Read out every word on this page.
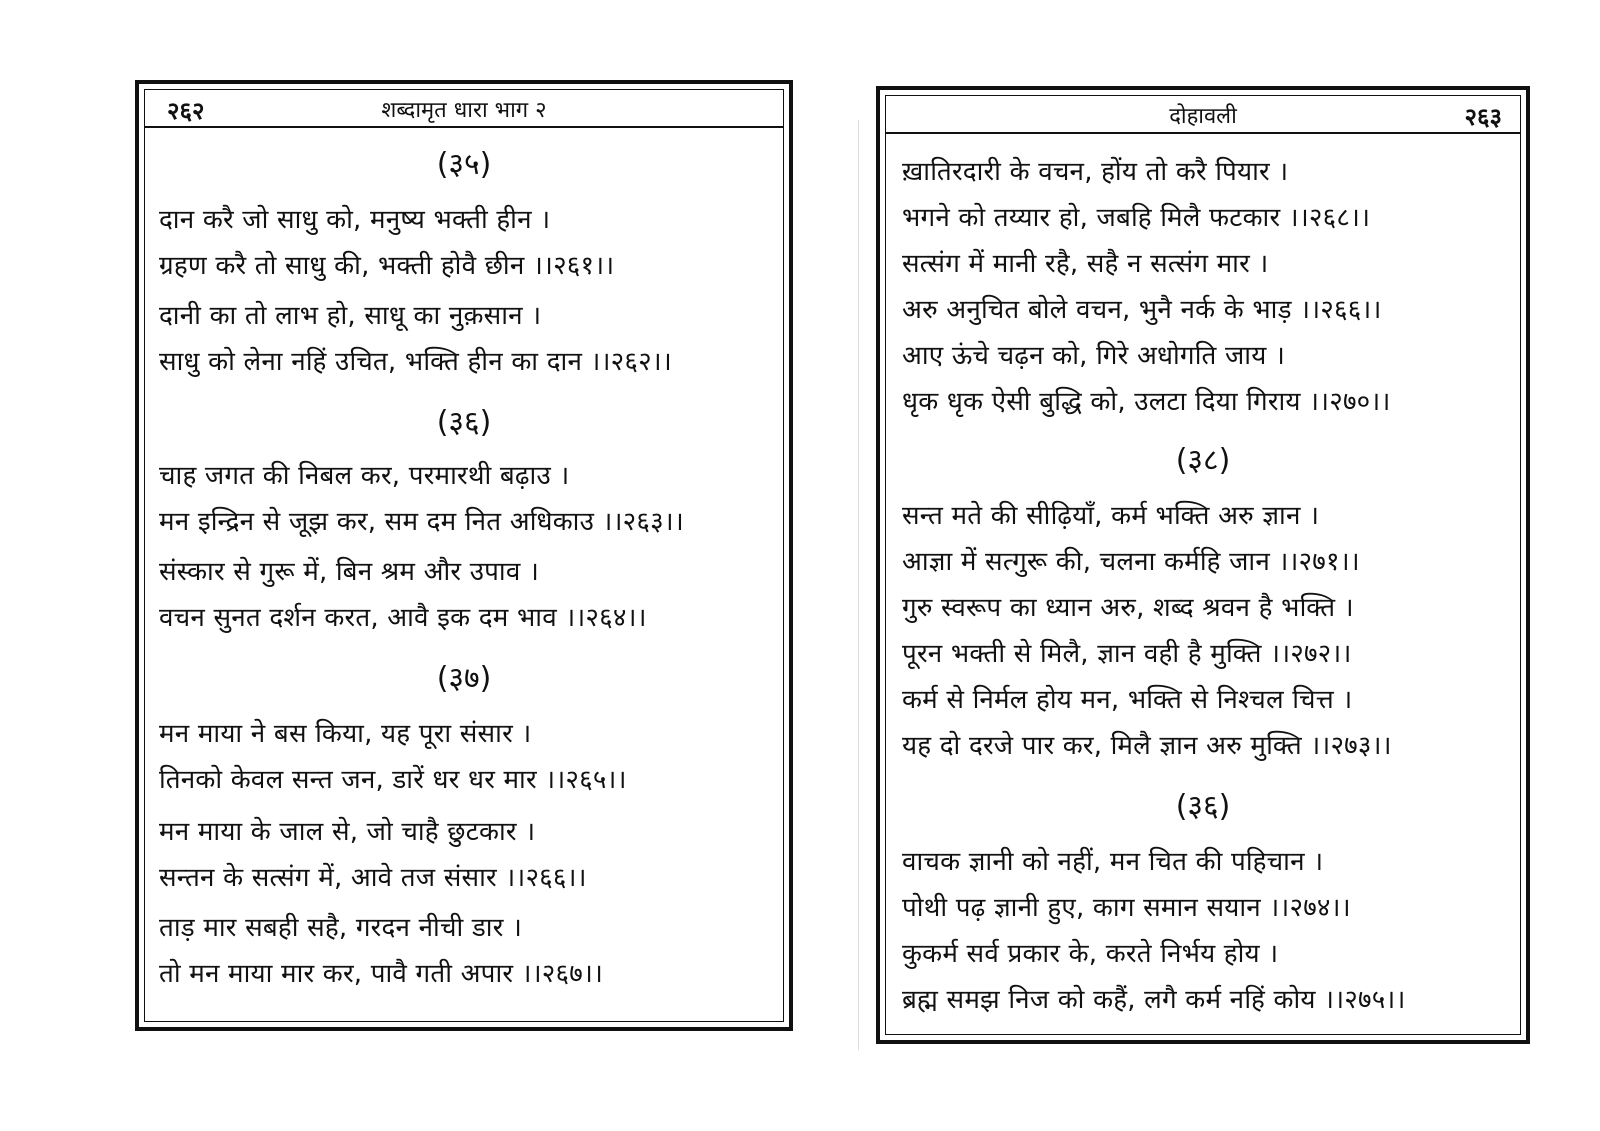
२६२	शब्दामृत धारा भाग २
(३५)
दान करै जो साधु को, मनुष्य भक्ती हीन ।
ग्रहण करै तो साधु की, भक्ती होवै छीन ।।२६१।।
दानी का तो लाभ हो, साधू का नुक़सान ।
साधु को लेना नहिं उचित, भक्ति हीन का दान ।।२६२।।
(३६)
चाह जगत की निबल कर, परमारथी बढ़ाउ ।
मन इन्द्रिन से जूझ कर, सम दम नित अधिकाउ ।।२६३।।
संस्कार से गुरू में, बिन श्रम और उपाव ।
वचन सुनत दर्शन करत, आवै इक दम भाव ।।२६४।।
(३७)
मन माया ने बस किया, यह पूरा संसार ।
तिनको केवल सन्त जन, डारें धर धर मार ।।२६५।।
मन माया के जाल से, जो चाहै छुटकार ।
सन्तन के सत्संग में, आवे तज संसार ।।२६६।।
ताड़ मार सबही सहै, गरदन नीची डार ।
तो मन माया मार कर, पावै गती अपार ।।२६७।।
दोहावली	२६३
ख़ातिरदारी के वचन, होंय तो करै पियार ।
भगने को तय्यार हो, जबहि मिलै फटकार ।।२६८।।
सत्संग में मानी रहै, सहै न सत्संग मार ।
अरु अनुचित बोले वचन, भुनै नर्क के भाड़ ।।२६६।।
आए ऊंचे चढ़न को, गिरे अधोगति जाय ।
धृक धृक ऐसी बुद्धि को, उलटा दिया गिराय ।।२७०।।
(३८)
सन्त मते की सीढ़ियाँ, कर्म भक्ति अरु ज्ञान ।
आज्ञा में सत्गुरू की, चलना कर्महि जान ।।२७१।।
गुरु स्वरूप का ध्यान अरु, शब्द श्रवन है भक्ति ।
पूरन भक्ती से मिलै, ज्ञान वही है मुक्ति ।।२७२।।
कर्म से निर्मल होय मन, भक्ति से निश्चल चित्त ।
यह दो दरजे पार कर, मिलै ज्ञान अरु मुक्ति ।।२७३।।
(३६)
वाचक ज्ञानी को नहीं, मन चित की पहिचान ।
पोथी पढ़ ज्ञानी हुए, काग समान सयान ।।२७४।।
कुकर्म सर्व प्रकार के, करते निर्भय होय ।
ब्रह्म समझ निज को कहैं, लगै कर्म नहिं कोय ।।२७५।।
